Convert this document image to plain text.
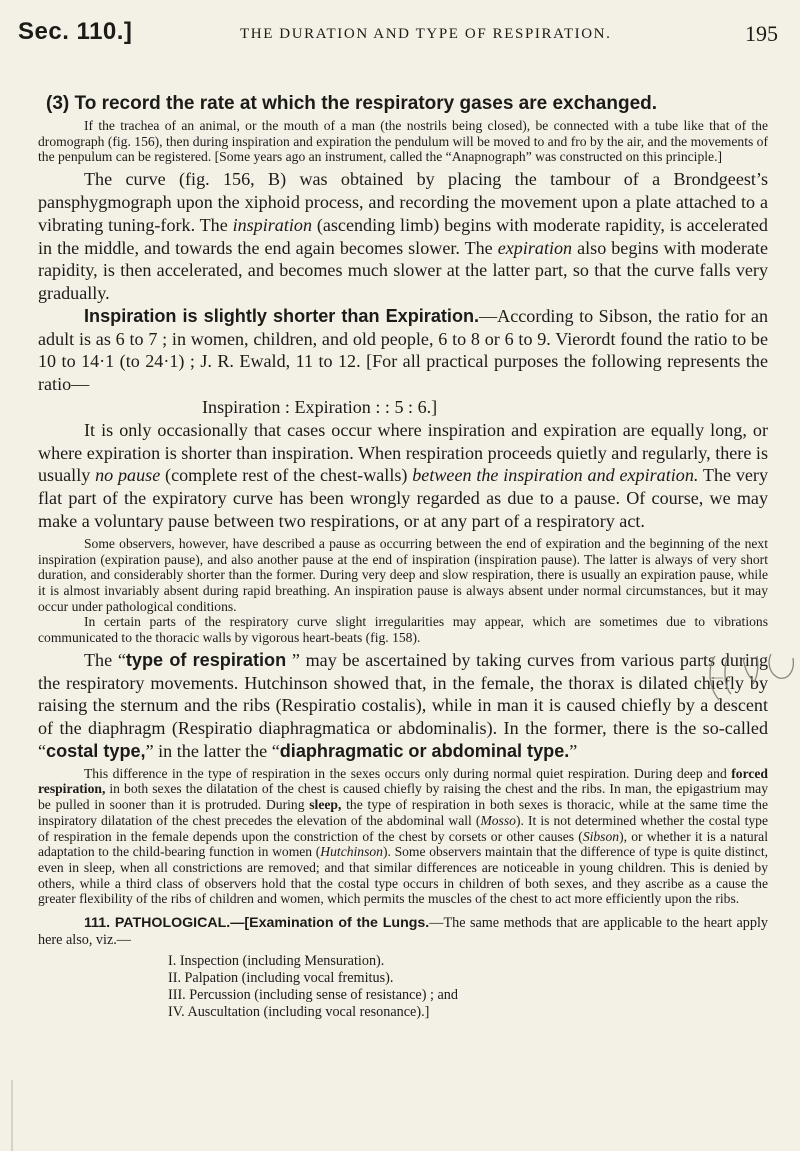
Sec. 110.]	THE DURATION AND TYPE OF RESPIRATION.	195

(3) To record the rate at which the respiratory gases are exchanged.

If the trachea of an animal, or the mouth of a man (the nostrils being closed), be connected with a tube like that of the dromograph (fig. 156), then during inspiration and expiration the pendulum will be moved to and fro by the air, and the movements of the penpulum can be registered. [Some years ago an instrument, called the “Anapnograph” was constructed on this principle.]

The curve (fig. 156, B) was obtained by placing the tambour of a Brondgeest’s pansphygmograph upon the xiphoid process, and recording the movement upon a plate attached to a vibrating tuning-fork. The inspiration (ascending limb) begins with moderate rapidity, is accelerated in the middle, and towards the end again becomes slower. The expiration also begins with moderate rapidity, is then accelerated, and becomes much slower at the latter part, so that the curve falls very gradually.

Inspiration is slightly shorter than Expiration.—According to Sibson, the ratio for an adult is as 6 to 7 ; in women, children, and old people, 6 to 8 or 6 to 9. Vierordt found the ratio to be 10 to 14·1 (to 24·1) ; J. R. Ewald, 11 to 12. [For all practical purposes the following represents the ratio—

Inspiration : Expiration : : 5 : 6.]

It is only occasionally that cases occur where inspiration and expiration are equally long, or where expiration is shorter than inspiration. When respiration proceeds quietly and regularly, there is usually no pause (complete rest of the chest-walls) between the inspiration and expiration. The very flat part of the expiratory curve has been wrongly regarded as due to a pause. Of course, we may make a voluntary pause between two respirations, or at any part of a respiratory act.

Some observers, however, have described a pause as occurring between the end of expiration and the beginning of the next inspiration (expiration pause), and also another pause at the end of inspiration (inspiration pause). The latter is always of very short duration, and considerably shorter than the former. During very deep and slow respiration, there is usually an expiration pause, while it is almost invariably absent during rapid breathing. An inspiration pause is always absent under normal circumstances, but it may occur under pathological conditions.

In certain parts of the respiratory curve slight irregularities may appear, which are sometimes due to vibrations communicated to the thoracic walls by vigorous heart-beats (fig. 158).

The “type of respiration ” may be ascertained by taking curves from various parts during the respiratory movements. Hutchinson showed that, in the female, the thorax is dilated chiefly by raising the sternum and the ribs (Respiratio costalis), while in man it is caused chiefly by a descent of the diaphragm (Respiratio diaphragmatica or abdominalis). In the former, there is the so-called “costal type,” in the latter the “diaphragmatic or abdominal type.”

This difference in the type of respiration in the sexes occurs only during normal quiet respiration. During deep and forced respiration, in both sexes the dilatation of the chest is caused chiefly by raising the chest and the ribs. In man, the epigastrium may be pulled in sooner than it is protruded. During sleep, the type of respiration in both sexes is thoracic, while at the same time the inspiratory dilatation of the chest precedes the elevation of the abdominal wall (Mosso). It is not determined whether the costal type of respiration in the female depends upon the constriction of the chest by corsets or other causes (Sibson), or whether it is a natural adaptation to the child-bearing function in women (Hutchinson). Some observers maintain that the difference of type is quite distinct, even in sleep, when all constrictions are removed; and that similar differences are noticeable in young children. This is denied by others, while a third class of observers hold that the costal type occurs in children of both sexes, and they ascribe as a cause the greater flexibility of the ribs of children and women, which permits the muscles of the chest to act more efficiently upon the ribs.

111. PATHOLOGICAL.—[Examination of the Lungs.—The same methods that are applicable to the heart apply here also, viz.—

I. Inspection (including Mensuration).
II. Palpation (including vocal fremitus).
III. Percussion (including sense of resistance) ; and
IV. Auscultation (including vocal resonance).]
